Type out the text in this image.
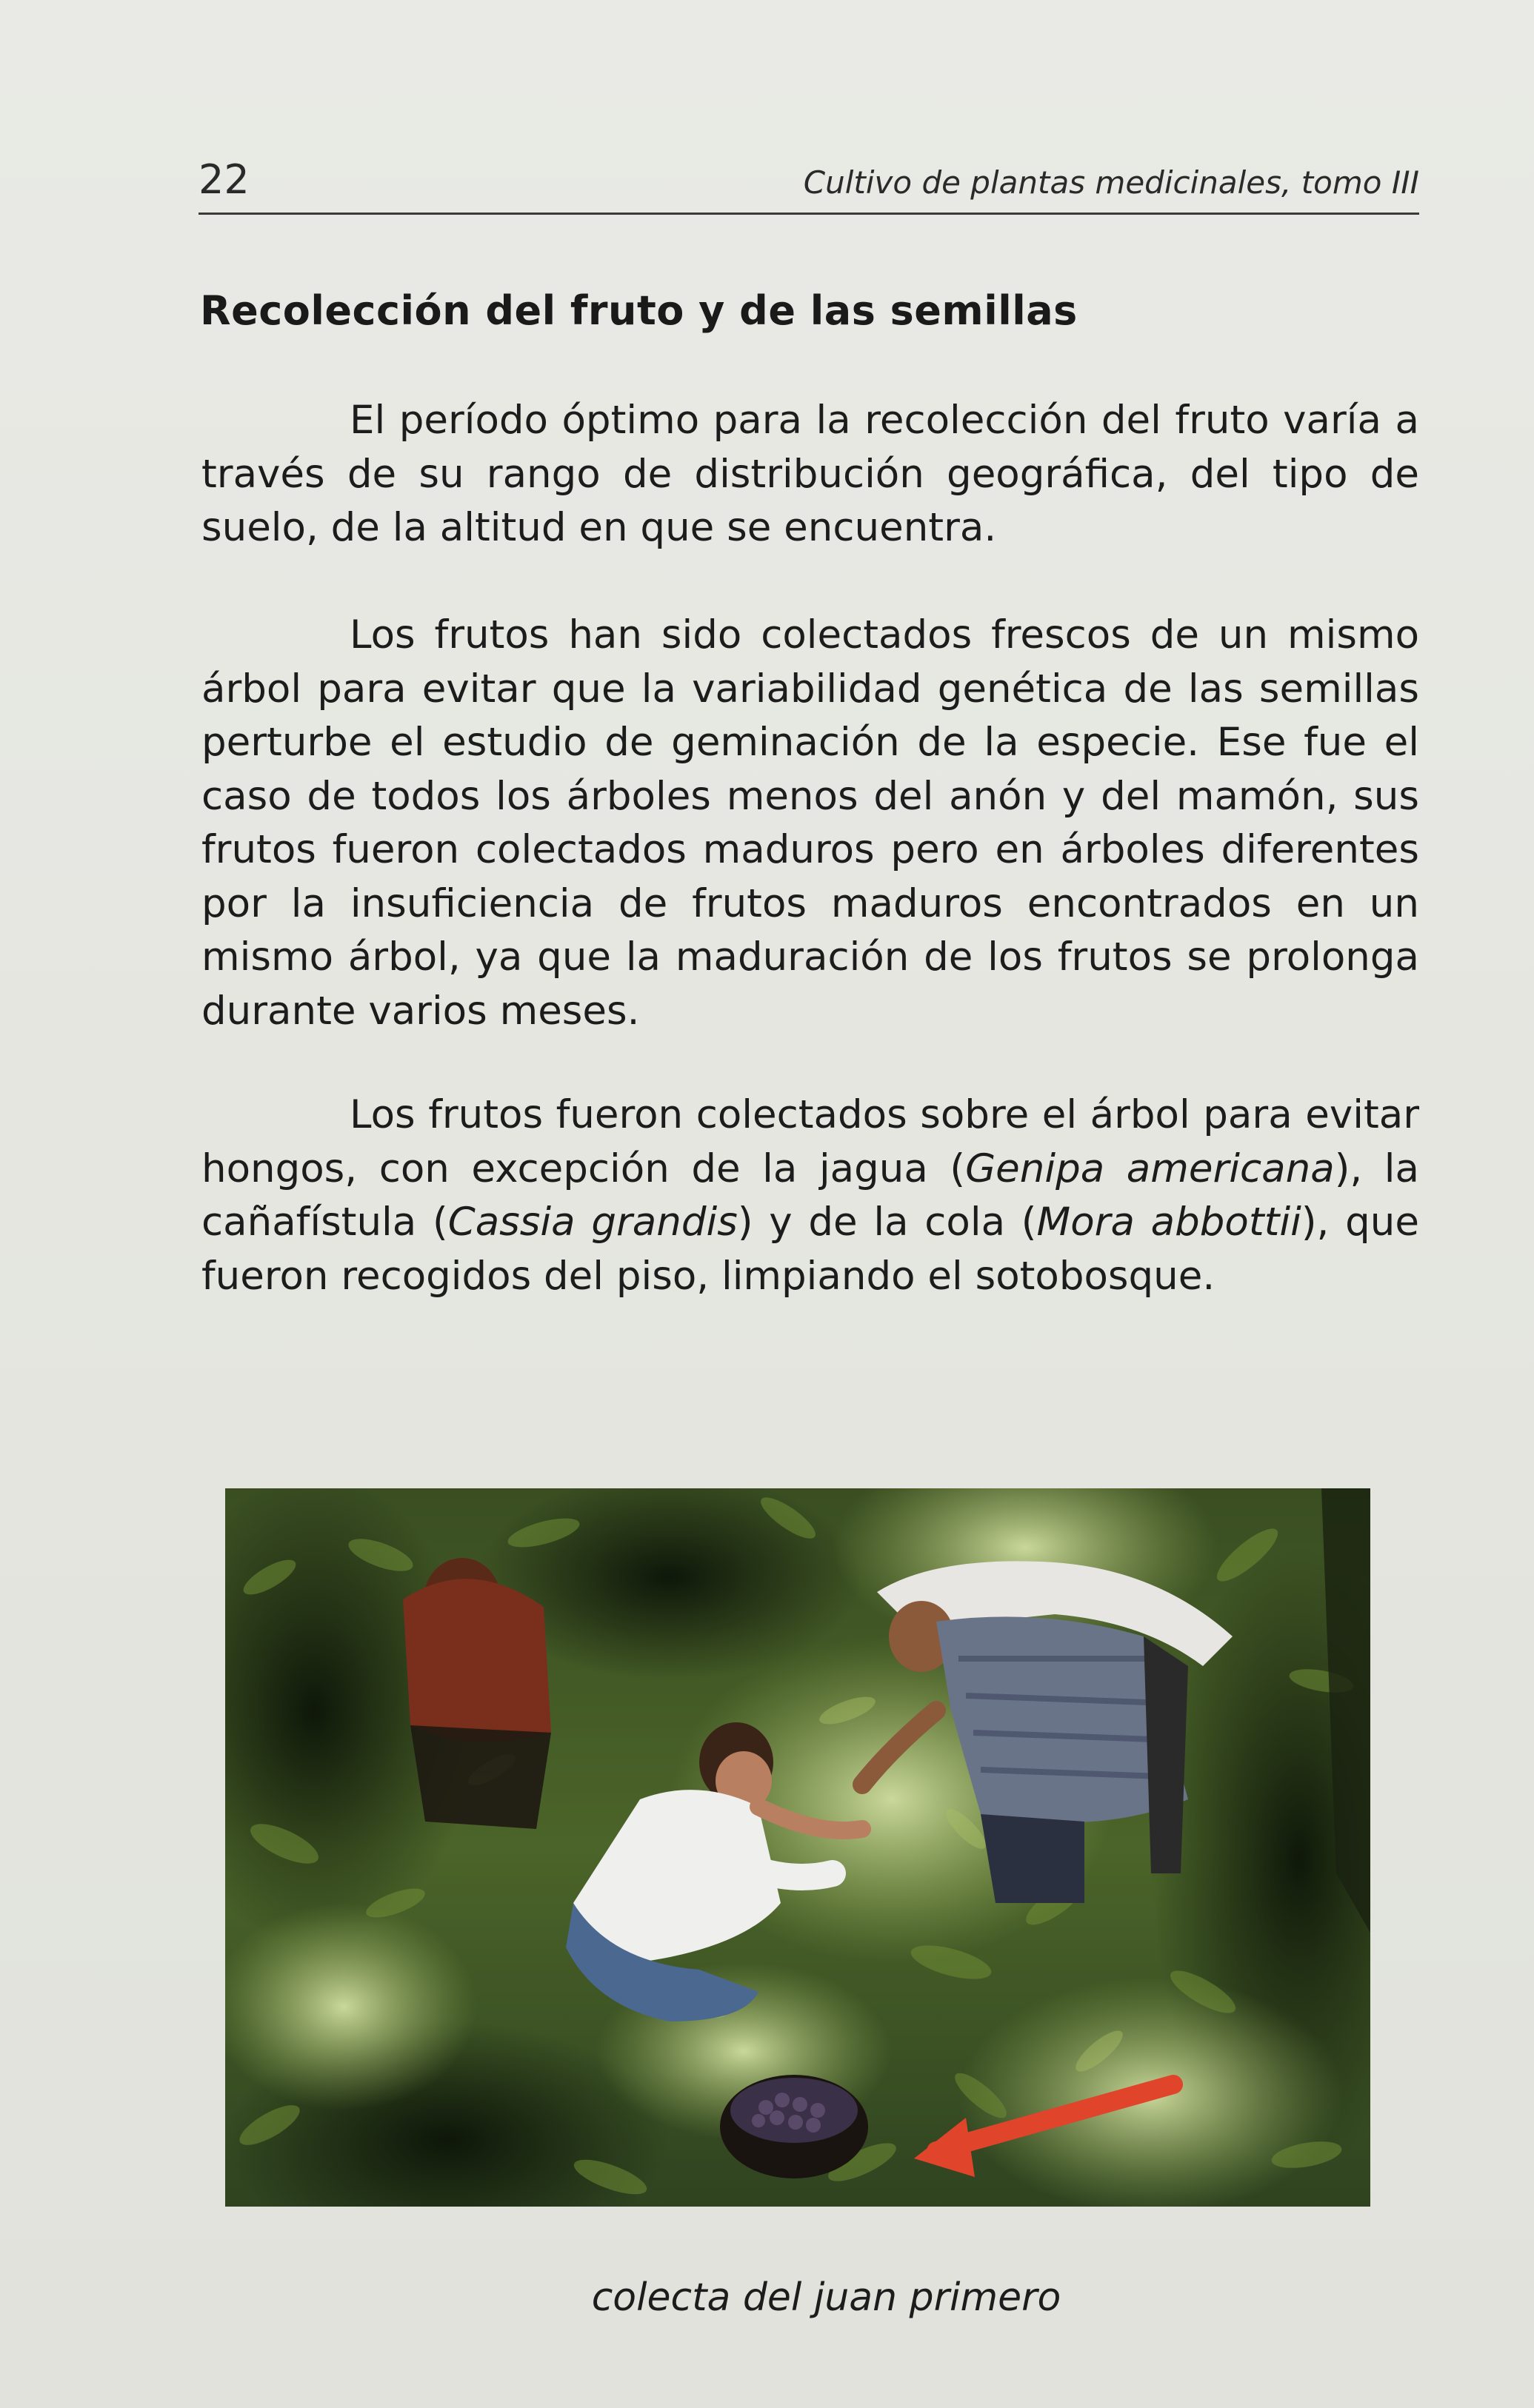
22	Cultivo de plantas medicinales, tomo III
Recolección del fruto y de las semillas

El período óptimo para la recolección del fruto varía a través de su rango de distribución geográfica, del tipo de suelo, de la altitud en que se encuentra.

Los frutos han sido colectados frescos de un mismo árbol para evitar que la variabilidad genética de las semillas perturbe el estudio de geminación de la especie. Ese fue el caso de todos los árboles menos del anón y del mamón, sus frutos fueron colectados maduros pero en árboles diferentes por la insuficiencia de frutos maduros encontrados en un mismo árbol, ya que la maduración de los frutos se prolonga durante varios meses.

Los frutos fueron colectados sobre el árbol para evitar hongos, con excepción de la jagua (Genipa americana), la cañafístula (Cassia grandis) y de la cola (Mora abbottii), que fueron recogidos del piso, limpiando el sotobosque.

colecta del juan primero
